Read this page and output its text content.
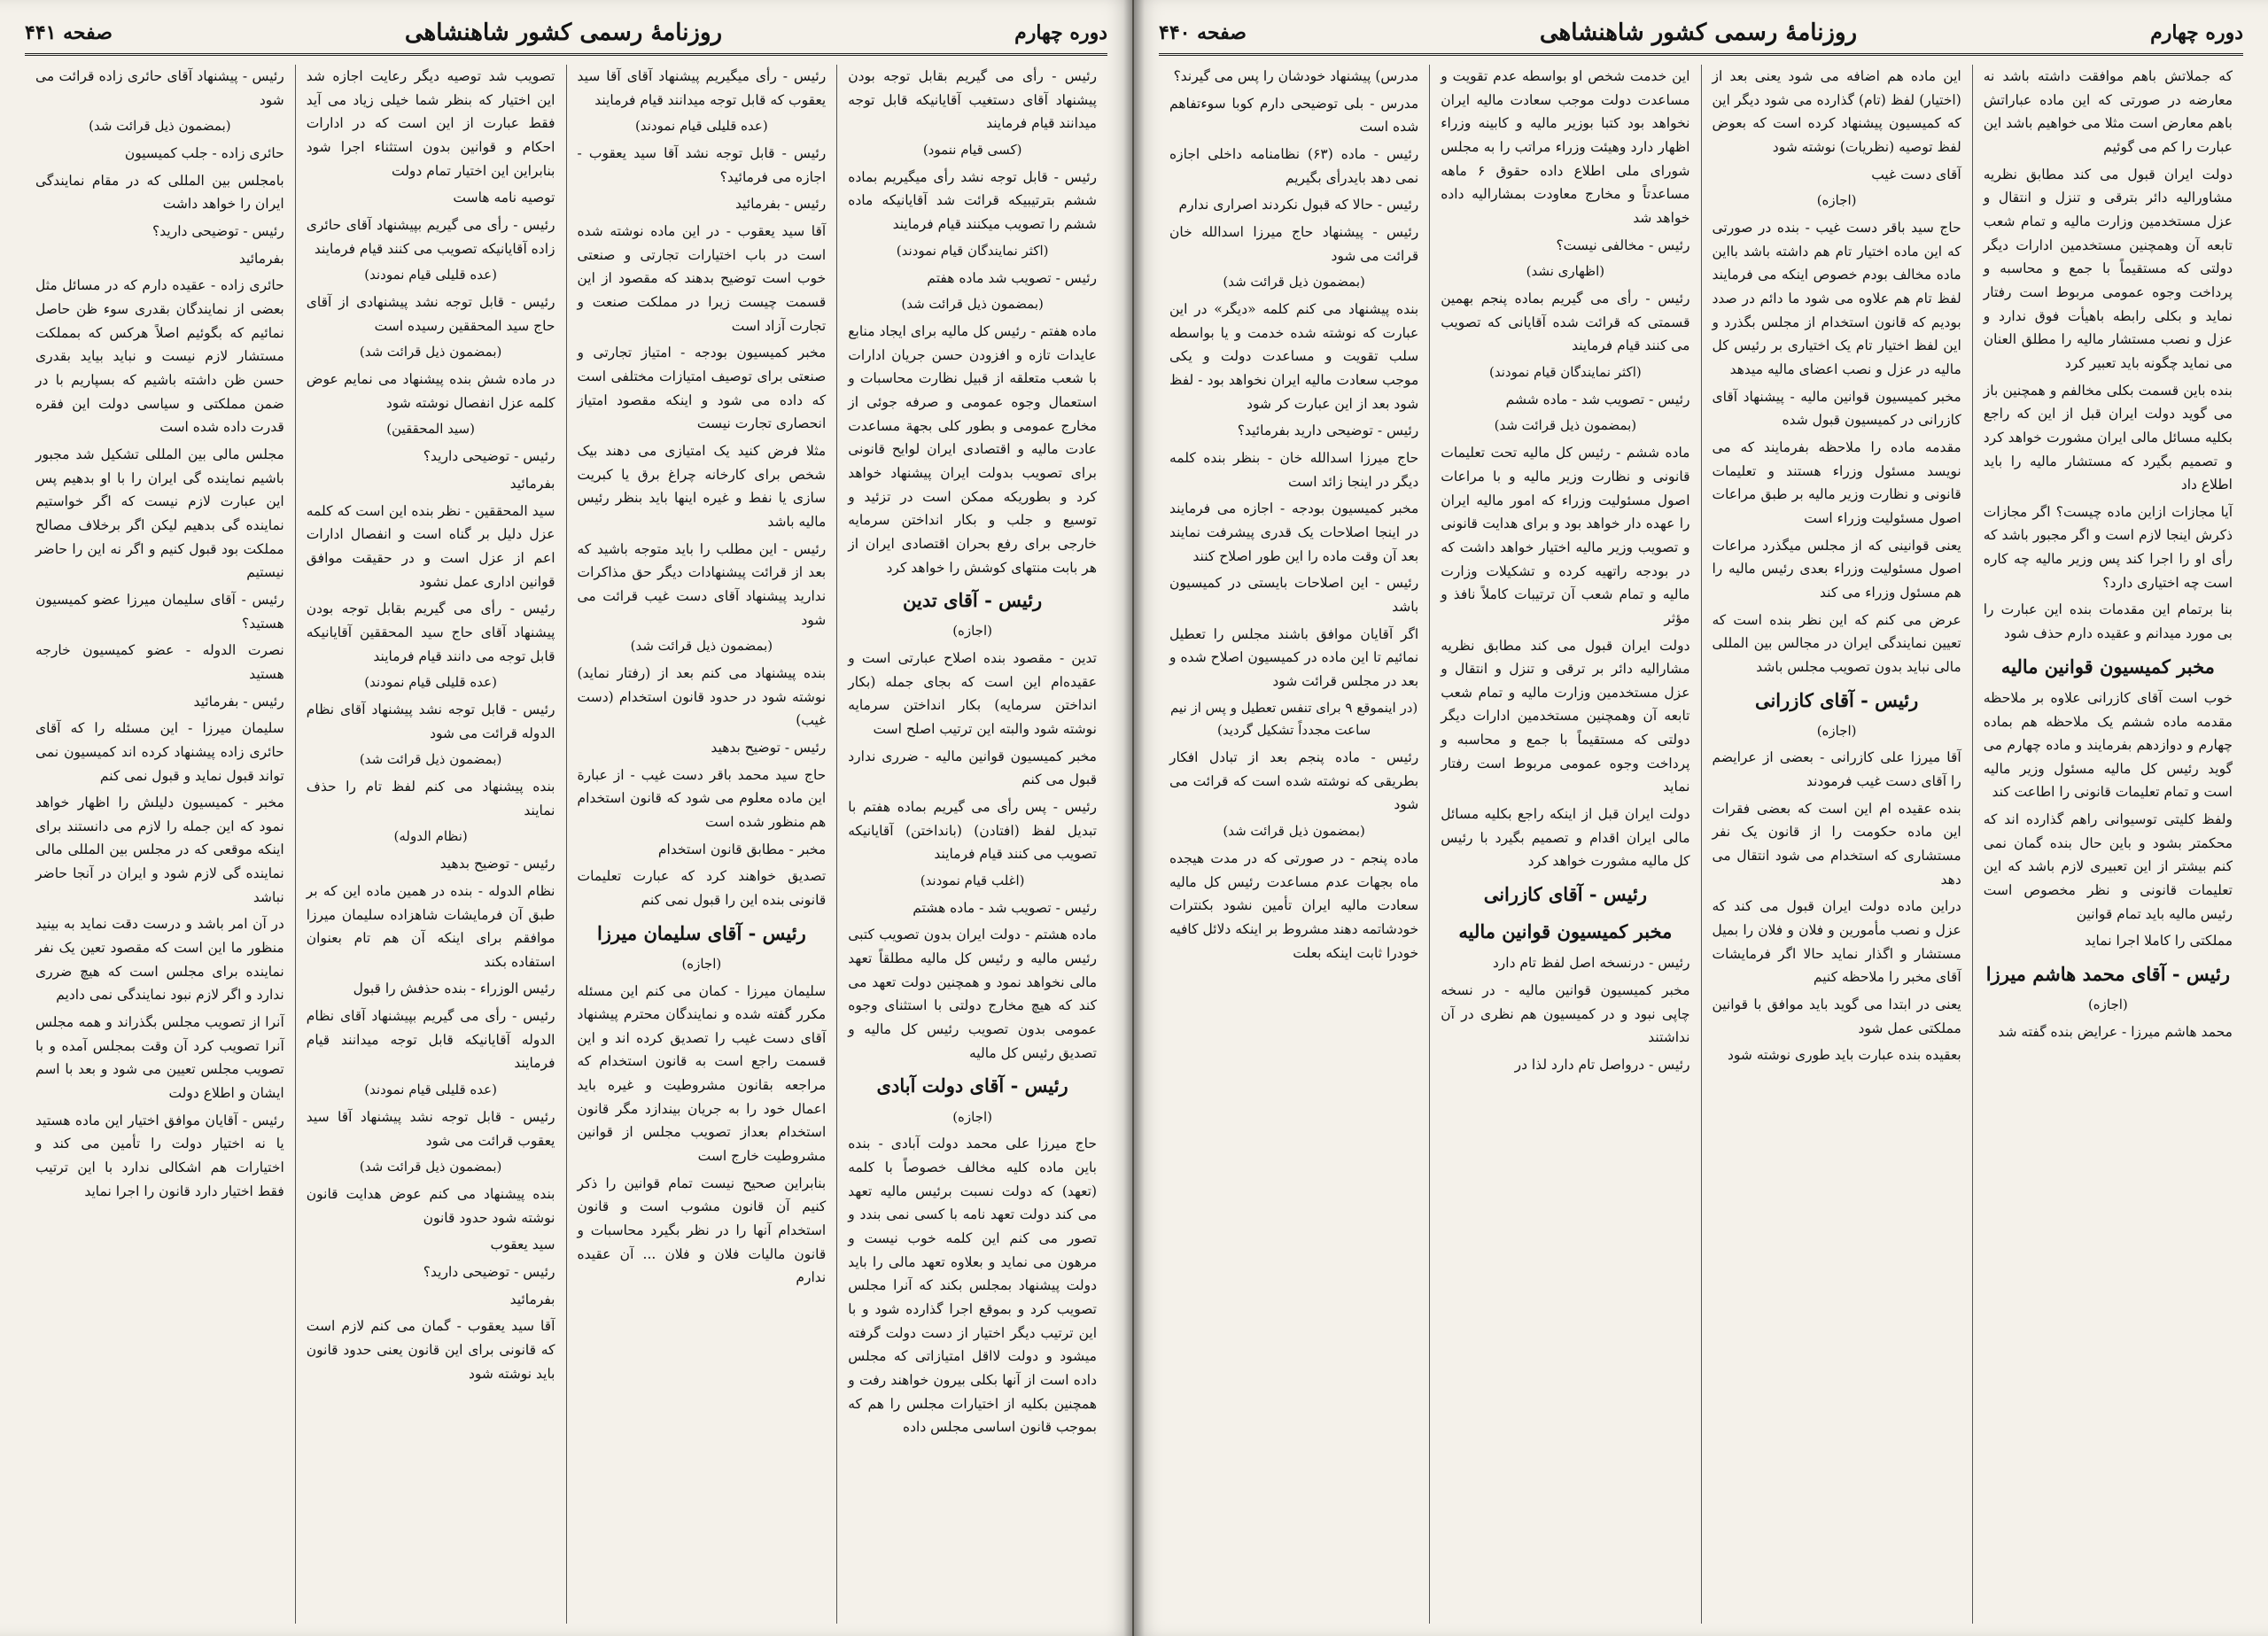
دوره چهارم
روزنامهٔ رسمی کشور شاهنشاهی
صفحه ۴۴۱

رئیس - رأی می گیریم بقابل توجه بودن پیشنهاد آقای دستغیب آقایانیکه قابل توجه میدانند قیام فرمایند

(کسی قیام ننمود)

رئیس - قابل توجه نشد رأی میگیریم بماده ششم بترتیبیکه قرائت شد آقایانیکه ماده ششم را تصویب میکنند قیام فرمایند

(اکثر نمایندگان قیام نمودند)

رئیس - تصویب شد ماده هفتم

(بمضمون ذیل قرائت شد)

ماده هفتم - رئیس کل مالیه برای ایجاد منابع عایدات تازه و افزودن حسن جریان ادارات با شعب متعلقه از قبیل نظارت محاسبات و استعمال وجوه عمومی و صرفه جوئی از مخارج عمومی و بطور کلی بجهة مساعدت عادت مالیه و اقتصادی ایران لوایح قانونی برای تصویب بدولت ایران پیشنهاد خواهد کرد و بطوریکه ممکن است در تزئید و توسیع و جلب و بکار انداختن سرمایه خارجی برای رفع بحران اقتصادی ایران از هر بابت منتهای کوشش را خواهد کرد

رئیس - آقای تدین

(اجازه)

تدین - مقصود بنده اصلاح عبارتی است و عقیده‌ام این است که بجای جمله (بکار انداختن سرمایه) بکار انداختن سرمایه نوشته شود والبته این ترتیب اصلح است

مخبر کمیسیون قوانین مالیه - ضرری ندارد قبول می کنم

رئیس - پس رأی می گیریم بماده هفتم با تبدیل لفظ (افتادن) (بانداختن) آقایانیکه تصویب می کنند قیام فرمایند

(اغلب قیام نمودند)

رئیس - تصویب شد - ماده هشتم

ماده هشتم - دولت ایران بدون تصویب کتبی رئیس مالیه و رئیس کل مالیه مطلقاً تعهد مالی نخواهد نمود و همچنین دولت تعهد می کند که هیچ مخارج دولتی با استثنای وجوه عمومی بدون تصویب رئیس کل مالیه و تصدیق رئیس کل مالیه

رئیس - آقای دولت آبادی

(اجازه)

حاج میرزا علی محمد دولت آبادی - بنده باین ماده کلیه مخالف خصوصاً با کلمه (تعهد) که دولت نسبت برئیس مالیه تعهد می کند دولت تعهد نامه با کسی نمی بندد و تصور می کنم این کلمه خوب نیست و مرهون می نماید و بعلاوه تعهد مالی را باید دولت پیشنهاد بمجلس بکند که آنرا مجلس تصویب کرد و بموقع اجرا گذارده شود و با این ترتیب دیگر اختیار از دست دولت گرفته میشود و دولت لااقل امتیازاتی که مجلس داده است از آنها بکلی بیرون خواهند رفت و همچنین بکلیه از اختیارات مجلس را هم که بموجب قانون اساسی مجلس داده

رئیس - رأی میگیریم پیشنهاد آقای آقا سید یعقوب که قابل توجه میدانند قیام فرمایند

(عده قلیلی قیام نمودند)

رئیس - قابل توجه نشد آقا سید یعقوب - اجازه می فرمائید؟

رئیس - بفرمائید

آقا سید یعقوب - در این ماده نوشته شده است در باب اختیارات تجارتی و صنعتی خوب است توضیح بدهند که مقصود از این قسمت چیست زیرا در مملکت صنعت و تجارت آزاد است

مخبر کمیسیون بودجه - امتیاز تجارتی و صنعتی برای توصیف امتیازات مختلفی است که داده می شود و اینکه مقصود امتیاز انحصاری تجارت نیست

مثلا فرض کنید یک امتیازی می دهند بیک شخص برای کارخانه چراغ برق یا کبریت سازی یا نفط و غیره اینها باید بنظر رئیس مالیه باشد

رئیس - این مطلب را باید متوجه باشید که بعد از قرائت پیشنهادات دیگر حق مذاکرات ندارید پیشنهاد آقای دست غیب قرائت می شود

(بمضمون ذیل قرائت شد)

بنده پیشنهاد می کنم بعد از (رفتار نماید) نوشته شود در حدود قانون استخدام (دست غیب)

رئیس - توضیح بدهید

حاج سید محمد باقر دست غیب - از عبارة این ماده معلوم می شود که قانون استخدام هم منظور شده است

مخبر - مطابق قانون استخدام

تصدیق خواهند کرد که عبارت تعلیمات قانونی بنده این را قبول نمی کنم

رئیس - آقای سلیمان میرزا

(اجازه)

سلیمان میرزا - کمان می کنم این مسئله مکرر گفته شده و نمایندگان محترم پیشنهاد آقای دست غیب را تصدیق کرده اند و این قسمت راجع است به قانون استخدام که مراجعه بقانون مشروطیت و غیره باید اعمال خود را به جریان بیندازد مگر قانون استخدام بعداز تصویب مجلس از قوانین مشروطیت خارج است

بنابراین صحیح نیست تمام قوانین را ذکر کنیم آن قانون مشوب است و قانون استخدام آنها را در نظر بگیرد محاسبات و قانون مالیات فلان و فلان ... آن عقیده ندارم

تصویب شد توصیه دیگر رعایت اجازه شد این اختیار که بنظر شما خیلی زیاد می آید فقط عبارت از این است که در ادارات احکام و قوانین بدون استثناء اجرا شود بنابراین این اختیار تمام دولت

توصیه نامه هاست

رئیس - رأی می گیریم بپیشنهاد آقای حائری زاده آقایانیکه تصویب می کنند قیام فرمایند

(عده قلیلی قیام نمودند)

رئیس - قابل توجه نشد پیشنهادی از آقای حاج سید المحققین رسیده است

(بمضمون ذیل قرائت شد)

در ماده شش بنده پیشنهاد می نمایم عوض کلمه عزل انفصال نوشته شود

(سید المحققین)

رئیس - توضیحی دارید؟

بفرمائید

سید المحققین - نظر بنده این است که کلمه عزل دلیل بر گناه است و انفصال ادارات اعم از عزل است و در حقیقت موافق قوانین اداری عمل نشود

رئیس - رأی می گیریم بقابل توجه بودن پیشنهاد آقای حاج سید المحققین آقایانیکه قابل توجه می دانند قیام فرمایند

(عده قلیلی قیام نمودند)

رئیس - قابل توجه نشد پیشنهاد آقای نظام الدوله قرائت می شود

(بمضمون ذیل قرائت شد)

بنده پیشنهاد می کنم لفظ تام را حذف نمایند

(نظام الدوله)

رئیس - توضیح بدهید

نظام الدوله - بنده در همین ماده این که بر طبق آن فرمایشات شاهزاده سلیمان میرزا موافقم برای اینکه آن هم تام بعنوان استفاده بکند

رئیس الوزراء - بنده حذفش را قبول

رئیس - رأی می گیریم بپیشنهاد آقای نظام الدوله آقایانیکه قابل توجه میدانند قیام فرمایند

(عده قلیلی قیام نمودند)

رئیس - قابل توجه نشد پیشنهاد آقا سید یعقوب قرائت می شود

(بمضمون ذیل قرائت شد)

بنده پیشنهاد می کنم عوض هدایت قانون نوشته شود حدود قانون

سید یعقوب

رئیس - توضیحی دارید؟

بفرمائید

آقا سید یعقوب - گمان می کنم لازم است که قانونی برای این قانون یعنی حدود قانون باید نوشته شود

رئیس - پیشنهاد آقای حائری زاده قرائت می شود

(بمضمون ذیل قرائت شد)

حائری زاده - جلب کمیسیون

بامجلس بین المللی که در مقام نمایندگی ایران را خواهد داشت

رئیس - توضیحی دارید؟

بفرمائید

حائری زاده - عقیده دارم که در مسائل مثل بعضی از نمایندگان بقدری سوء ظن حاصل نمائیم که بگوئیم اصلاً هرکس که بمملکت مستشار لازم نیست و نباید بیاید بقدری حسن ظن داشته باشیم که بسپاریم با در ضمن مملکتی و سیاسی دولت این فقره قدرت داده شده است

مجلس مالی بین المللی تشکیل شد مجبور باشیم نماینده گی ایران را با او بدهیم پس این عبارت لازم نیست که اگر خواستیم نماینده گی بدهیم لیکن اگر برخلاف مصالح مملکت بود قبول کنیم و اگر نه این را حاضر نیستیم

رئیس - آقای سلیمان میرزا عضو کمیسیون هستید؟

نصرت الدوله - عضو کمیسیون خارجه هستید

رئیس - بفرمائید

سلیمان میرزا - این مسئله را که آقای حائری زاده پیشنهاد کرده اند کمیسیون نمی تواند قبول نماید و قبول نمی کنم

مخبر - کمیسیون دلیلش را اظهار خواهد نمود که این جمله را لازم می دانستند برای اینکه موقعی که در مجلس بین المللی مالی نماینده گی لازم شود و ایران در آنجا حاضر نباشد

در آن امر باشد و درست دقت نماید به بینید منظور ما این است که مقصود تعین یک نفر نماینده برای مجلس است که هیچ ضرری ندارد و اگر لازم نبود نمایندگی نمی دادیم

آنرا از تصویب مجلس بگذراند و همه مجلس آنرا تصویب کرد آن وقت بمجلس آمده و با تصویب مجلس تعیین می شود و بعد با اسم ایشان و اطلاع دولت

رئیس - آقایان موافق اختیار این ماده هستید یا نه اختیار دولت را تأمین می کند و اختیارات هم اشکالی ندارد با این ترتیب فقط اختیار دارد قانون را اجرا نماید

دوره چهارم
روزنامهٔ رسمی کشور شاهنشاهی
صفحه ۴۴۰

که جملاتش باهم موافقت داشته باشد نه معارضه در صورتی که این ماده عباراتش باهم معارض است مثلا می خواهیم باشد این عبارت را کم می گوئیم

دولت ایران قبول می کند مطابق نظریه مشاورالیه دائر بترقی و تنزل و انتقال و عزل مستخدمین وزارت مالیه و تمام شعب تابعه آن وهمچنین مستخدمین ادارات دیگر دولتی که مستقیماً با جمع و محاسبه و پرداخت وجوه عمومی مربوط است رفتار نماید و بکلی رابطه باهیأت فوق ندارد و عزل و نصب مستشار مالیه را مطلق العنان می نماید چگونه باید تعبیر کرد

بنده باین قسمت بکلی مخالفم و همچنین باز می گوید دولت ایران قبل از این که راجع بکلیه مسائل مالی ایران مشورت خواهد کرد و تصمیم بگیرد که مستشار مالیه را باید اطلاع داد

آیا مجازات ازاین ماده چیست؟ اگر مجازات ذکرش اینجا لازم است و اگر مجبور باشد که رأی او را اجرا کند پس وزیر مالیه چه کاره است چه اختیاری دارد؟

بنا برتمام این مقدمات بنده این عبارت را بی مورد میدانم و عقیده دارم حذف شود

مخبر کمیسیون قوانین مالیه

خوب است آقای کازرانی علاوه بر ملاحظه مقدمه ماده ششم یک ملاحظه هم بماده چهارم و دوازدهم بفرمایند و ماده چهارم می گوید رئیس کل مالیه مسئول وزیر مالیه است و تمام تعلیمات قانونی را اطاعت کند

ولفظ کلیتی توسیوانی راهم گذارده اند که محکمتر بشود و باین حال بنده گمان نمی کنم بیشتر از این تعبیری لازم باشد که این تعلیمات قانونی و نظر مخصوص است رئیس مالیه باید تمام قوانین

مملکتی را کاملا اجرا نماید

رئیس - آقای محمد هاشم میرزا

(اجازه)

محمد هاشم میرزا - عرایض بنده گفته شد

این ماده هم اضافه می شود یعنی بعد از (اختیار) لفظ (تام) گذارده می شود دیگر این که کمیسیون پیشنهاد کرده است که بعوض لفظ توصیه (نظریات) نوشته شود

آقای دست غیب

(اجازه)

حاج سید باقر دست غیب - بنده در صورتی که این ماده اختیار تام هم داشته باشد بااین ماده مخالف بودم خصوص اینکه می فرمایند لفظ تام هم علاوه می شود ما دائم در صدد بودیم که قانون استخدام از مجلس بگذرد و این لفظ اختیار تام یک اختیاری بر رئیس کل مالیه در عزل و نصب اعضای مالیه میدهد

مخبر کمیسیون قوانین مالیه - پیشنهاد آقای کازرانی در کمیسیون قبول شده

مقدمه ماده را ملاحظه بفرمایند که می نویسد مسئول وزراء هستند و تعلیمات قانونی و نظارت وزیر مالیه بر طبق مراعات اصول مسئولیت وزراء است

یعنی قوانینی که از مجلس میگذرد مراعات اصول مسئولیت وزراء بعدی رئیس مالیه را هم مسئول وزراء می کند

عرض می کنم که این نظر بنده است که تعیین نمایندگی ایران در مجالس بین المللی مالی نباید بدون تصویب مجلس باشد

رئیس - آقای کازرانی

(اجازه)

آقا میرزا علی کازرانی - بعضی از عرایضم را آقای دست غیب فرمودند

بنده عقیده ام این است که بعضی فقرات این ماده حکومت را از قانون یک نفر مستشاری که استخدام می شود انتقال می دهد

دراین ماده دولت ایران قبول می کند که عزل و نصب مأمورین و فلان و فلان را بمیل مستشار و اگذار نماید حالا اگر فرمایشات آقای مخبر را ملاحظه کنیم

یعنی در ابتدا می گوید باید موافق با قوانین مملکتی عمل شود

بعقیده بنده عبارت باید طوری نوشته شود

این خدمت شخص او بواسطه عدم تقویت و مساعدت دولت موجب سعادت مالیه ایران نخواهد بود کتبا بوزیر مالیه و کابینه وزراء اظهار دارد وهیئت وزراء مراتب را به مجلس شورای ملی اطلاع داده حقوق ۶ ماهه مساعدتاً و مخارج معاودت بمشارالیه داده خواهد شد

رئیس - مخالفی نیست؟

(اظهاری نشد)

رئیس - رأی می گیریم بماده پنجم بهمین قسمتی که قرائت شده آقایانی که تصویب می کنند قیام فرمایند

(اکثر نمایندگان قیام نمودند)

رئیس - تصویب شد - ماده ششم

(بمضمون ذیل قرائت شد)

ماده ششم - رئیس کل مالیه تحت تعلیمات قانونی و نظارت وزیر مالیه و با مراعات اصول مسئولیت وزراء که امور مالیه ایران را عهده دار خواهد بود و برای هدایت قانونی و تصویب وزیر مالیه اختیار خواهد داشت که در بودجه راتهیه کرده و تشکیلات وزارت مالیه و تمام شعب آن ترتیبات کاملاً نافذ و مؤثر

دولت ایران قبول می کند مطابق نظریه مشارالیه دائر بر ترقی و تنزل و انتقال و عزل مستخدمین وزارت مالیه و تمام شعب تابعه آن وهمچنین مستخدمین ادارات دیگر دولتی که مستقیماً با جمع و محاسبه و پرداخت وجوه عمومی مربوط است رفتار نماید

دولت ایران قبل از اینکه راجع بکلیه مسائل مالی ایران اقدام و تصمیم بگیرد با رئیس کل مالیه مشورت خواهد کرد

رئیس - آقای کازرانی

مخبر کمیسیون قوانین مالیه

رئیس - درنسخه اصل لفظ تام دارد

مخبر کمیسیون قوانین مالیه - در نسخه چاپی نبود و در کمیسیون هم نظری در آن نداشتند

رئیس - درواصل تام دارد لذا در

مدرس) پیشنهاد خودشان را پس می گیرند؟

مدرس - بلی توضیحی دارم کوبا سوءتفاهم شده است

رئیس - ماده (۶۳) نظامنامه داخلی اجازه نمی دهد بایدرأی بگیریم

رئیس - حالا که قبول نکردند اصراری ندارم

رئیس - پیشنهاد حاج میرزا اسدالله خان قرائت می شود

(بمضمون ذیل قرائت شد)

بنده پیشنهاد می کنم کلمه «دیگر» در این عبارت که نوشته شده خدمت و یا بواسطه سلب تقویت و مساعدت دولت و یکی موجب سعادت مالیه ایران نخواهد بود - لفظ شود بعد از این عبارت کر شود

رئیس - توضیحی دارید بفرمائید؟

حاج میرزا اسدالله خان - بنظر بنده کلمه دیگر در اینجا زائد است

مخبر کمیسیون بودجه - اجازه می فرمایند در اینجا اصلاحات یک قدری پیشرفت نمایند بعد آن وقت ماده را این طور اصلاح کنند

رئیس - این اصلاحات بایستی در کمیسیون باشد

اگر آقایان موافق باشند مجلس را تعطیل نمائیم تا این ماده در کمیسیون اصلاح شده و بعد در مجلس قرائت شود

(در اینموقع ۹ برای تنفس تعطیل و پس از نیم ساعت مجدداً تشکیل گردید)

رئیس - ماده پنجم بعد از تبادل افکار بطریقی که نوشته شده است که قرائت می شود

(بمضمون ذیل قرائت شد)

ماده پنجم - در صورتی که در مدت هیجده ماه بجهات عدم مساعدت رئیس کل مالیه سعادت مالیه ایران تأمین نشود بکنترات خودشاتمه دهند مشروط بر اینکه دلائل کافیه خودرا ثابت اینکه بعلت
